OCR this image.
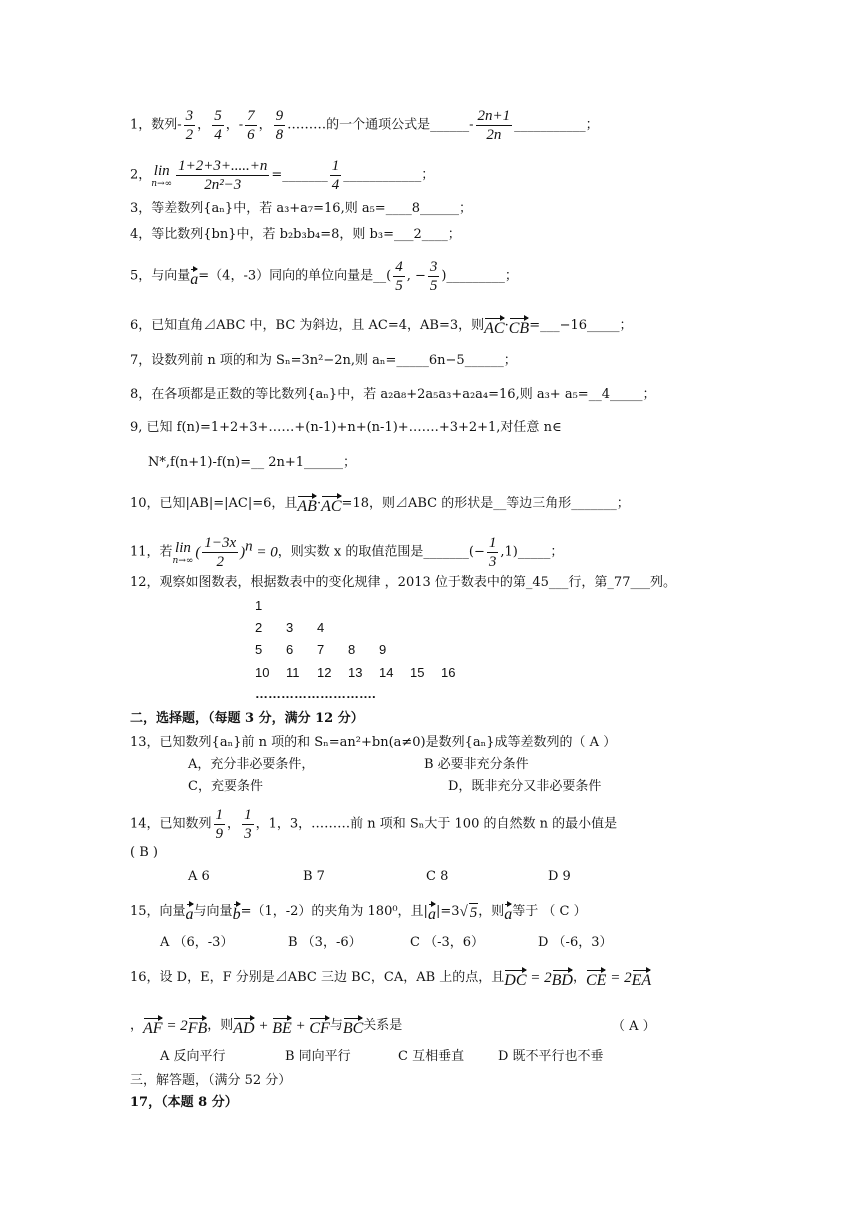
1，数列- $\frac{3}{2}$ ， $\frac{5}{4}$ ，- $\frac{7}{6}$ ， $\frac{9}{8}$ ………的一个通项公式是______- $\frac{2n+1}{2n}$ ___________；
2， lin
$n\to\infty \frac{1+2+3+.....+n}{\text{2n²−3}}$ =_______ $\frac{1}{4}$ ____________；
3，等差数列{aₙ}中，若 a₃+a₇=16,则 a₅=____8______；
4，等比数列{bn}中，若 b₂b₃b₄=8，则 b₃=___2____；
5，与向量a=（4，-3）同向的单位向量是__( $\frac{4}{5}$ , − $\frac{3}{5}$ )_________；
6，已知直角⊿ABC 中，BC 为斜边，且 AC=4，AB=3，则AC·CB=___−16_____；
7，设数列前 n 项的和为 Sₙ=3n²−2n,则 aₙ=_____6n−5______；
8，在各项都是正数的等比数列{aₙ}中，若 a₂a₈+2a₅a₃+a₂a₄=16,则 a₃+ a₅=__4_____；
9, 已知 f(n)=1+2+3+……+(n-1)+n+(n-1)+…….+3+2+1,对任意 n∈
N*,f(n+1)-f(n)=__ 2n+1______；
10，已知|AB|=|AC|=6，且AB·AC=18，则⊿ABC 的形状是__等边三角形_______；
11，若 lin
n→∞ ( $\frac{1-3x}{2} )^n = 0$，则实数 x 的取值范围是_______(− $\frac{1}{3}$ ,1)_____；
12，观察如图数表，根据数表中的变化规律 ，2013 位于数表中的第_45___行，第_77___列。
1
2 3 4
5 6 7 8 9
10 11 12 13 14 15 16
……………………….
二，选择题，（每题 3 分，满分 12 分）
13，已知数列{aₙ}前 n 项的和 Sₙ=an²+bn(a≠0)是数列{aₙ}成等差数列的（ A ）
A，充分非必要条件，	B 必要非充分条件
C，充要条件	D，既非充分又非必要条件
14，已知数列 $\frac{1}{9}$ ， $\frac{1}{3}$ ，1，3，………前 n 项和 Sₙ大于 100 的自然数 n 的最小值是
( B )
A 6	B 7	C 8	D 9
15，向量a与向量b=（1，-2）的夹角为 180⁰，且|a|=3√ 5，则a等于 （ C ）
A （6，-3）	B （3，-6）	C （-3，6）	D （-6，3）
16，设 D，E，F 分别是⊿ABC 三边 BC，CA，AB 上的点，且DC = 2BD，CE = 2EA
，AF = 2FB，则AD + BE + CF与BC关系是	（ A ）
A 反向平行	B 同向平行	C 互相垂直	D 既不平行也不垂
三，解答题，（满分 52 分）
17，（本题 8 分）
